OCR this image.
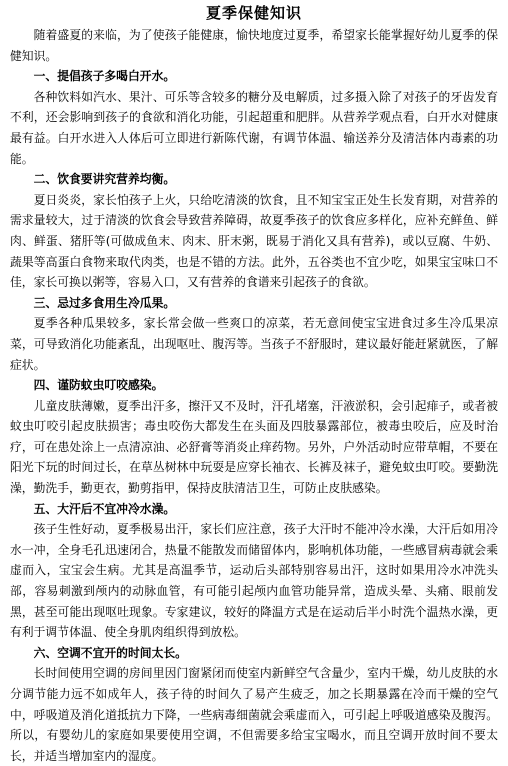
夏季保健知识

随着盛夏的来临，为了使孩子能健康，愉快地度过夏季，希望家长能掌握好幼儿夏季的保健知识。

一、提倡孩子多喝白开水。

各种饮料如汽水、果汁、可乐等含较多的糖分及电解质，过多摄入除了对孩子的牙齿发育不利，还会影响到孩子的食欲和消化功能，引起超重和肥胖。从营养学观点看，白开水对健康最有益。白开水进入人体后可立即进行新陈代谢，有调节体温、输送养分及清洁体内毒素的功能。

二、饮食要讲究营养均衡。

夏日炎炎，家长怕孩子上火，只给吃清淡的饮食，且不知宝宝正处生长发育期，对营养的需求量较大，过于清淡的饮食会导致营养障碍，故夏季孩子的饮食应多样化，应补充鲜鱼、鲜肉、鲜蛋、猪肝等(可做成鱼末、肉末、肝末粥，既易于消化又具有营养)，或以豆腐、牛奶、蔬果等高蛋白食物来取代肉类，也是不错的方法。此外，五谷类也不宜少吃，如果宝宝味口不佳，家长可换以粥等，容易入口，又有营养的食谱来引起孩子的食欲。

三、忌过多食用生冷瓜果。

夏季各种瓜果较多，家长常会做一些爽口的凉菜，若无意间使宝宝进食过多生冷瓜果凉菜，可导致消化功能紊乱，出现呕吐、腹泻等。当孩子不舒服时，建议最好能赶紧就医，了解症状。

四、谨防蚊虫叮咬感染。

儿童皮肤薄嫩，夏季出汗多，擦汗又不及时，汗孔堵塞，汗液淤积，会引起痱子，或者被蚊虫叮咬引起皮肤损害；毒虫咬伤大都发生在头面及四肢暴露部位，被毒虫咬后，应及时治疗，可在患处涂上一点清凉油、必舒膏等消炎止痒药物。另外，户外活动时应带草帽，不要在阳光下玩的时间过长，在草丛树林中玩耍是应穿长袖衣、长裤及袜子，避免蚊虫叮咬。要勤洗澡，勤洗手，勤更衣，勤剪指甲，保持皮肤清洁卫生，可防止皮肤感染。

五、大汗后不宜冲冷水澡。

孩子生性好动，夏季极易出汗，家长们应注意，孩子大汗时不能冲冷水澡，大汗后如用冷水一冲，全身毛孔迅速闭合，热量不能散发而储留体内，影响机体功能，一些感冒病毒就会乘虚而入，宝宝会生病。尤其是高温季节，运动后头部特别容易出汗，这时如果用冷水冲洗头部，容易刺激到颅内的动脉血管，有可能引起颅内血管功能异常，造成头晕、头痛、眼前发黑，甚至可能出现呕吐现象。专家建议，较好的降温方式是在运动后半小时洗个温热水澡，更有利于调节体温、使全身肌肉组织得到放松。

六、空调不宜开的时间太长。

长时间使用空调的房间里因门窗紧闭而使室内新鲜空气含量少，室内干燥，幼儿皮肤的水分调节能力远不如成年人，孩子待的时间久了易产生疲乏，加之长期暴露在冷而干燥的空气中，呼吸道及消化道抵抗力下降，一些病毒细菌就会乘虚而入，可引起上呼吸道感染及腹泻。所以，有婴幼儿的家庭如果要使用空调，不但需要多给宝宝喝水，而且空调开放时间不要太长，并适当增加室内的湿度。
